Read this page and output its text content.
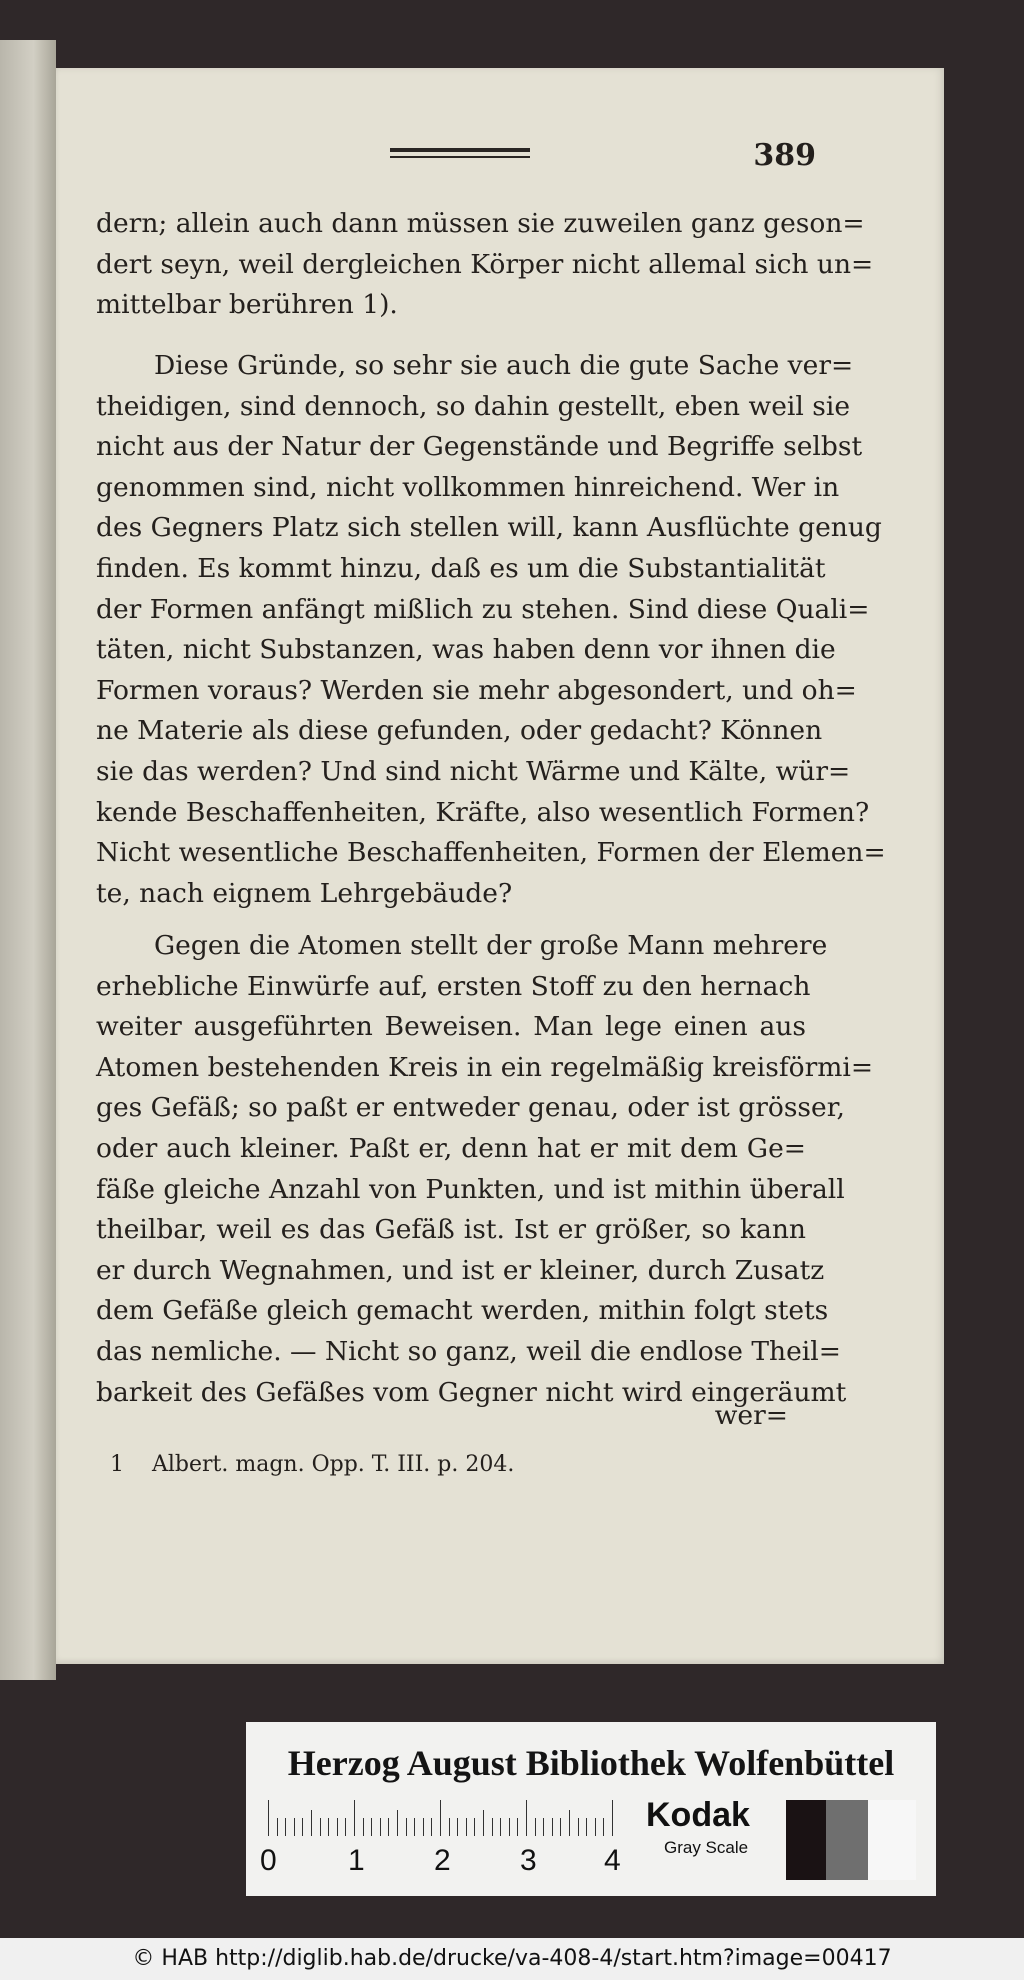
389

dern; allein auch dann müssen sie zuweilen ganz geson=
dert seyn, weil dergleichen Körper nicht allemal sich un=
mittelbar berühren 1).

Diese Gründe, so sehr sie auch die gute Sache ver=
theidigen, sind dennoch, so dahin gestellt, eben weil sie
nicht aus der Natur der Gegenstände und Begriffe selbst
genommen sind, nicht vollkommen hinreichend. Wer in
des Gegners Platz sich stellen will, kann Ausflüchte genug
finden. Es kommt hinzu, daß es um die Substantialität
der Formen anfängt mißlich zu stehen. Sind diese Quali=
täten, nicht Substanzen, was haben denn vor ihnen die
Formen voraus? Werden sie mehr abgesondert, und oh=
ne Materie als diese gefunden, oder gedacht? Können
sie das werden? Und sind nicht Wärme und Kälte, wür=
kende Beschaffenheiten, Kräfte, also wesentlich Formen?
Nicht wesentliche Beschaffenheiten, Formen der Elemen=
te, nach eignem Lehrgebäude?

Gegen die Atomen stellt der große Mann mehrere
erhebliche Einwürfe auf, ersten Stoff zu den hernach
weiter ausgeführten Beweisen. Man lege einen aus
Atomen bestehenden Kreis in ein regelmäßig kreisförmi=
ges Gefäß; so paßt er entweder genau, oder ist grösser,
oder auch kleiner. Paßt er, denn hat er mit dem Ge=
fäße gleiche Anzahl von Punkten, und ist mithin überall
theilbar, weil es das Gefäß ist. Ist er größer, so kann
er durch Wegnahmen, und ist er kleiner, durch Zusatz
dem Gefäße gleich gemacht werden, mithin folgt stets
das nemliche. — Nicht so ganz, weil die endlose Theil=
barkeit des Gefäßes vom Gegner nicht wird eingeräumt

wer=
1 Albert. magn. Opp. T. III. p. 204.
Herzog August Bibliothek Wolfenbüttel
0 1 2 3 4
Kodak
Gray Scale
© HAB http://diglib.hab.de/drucke/va-408-4/start.htm?image=00417
